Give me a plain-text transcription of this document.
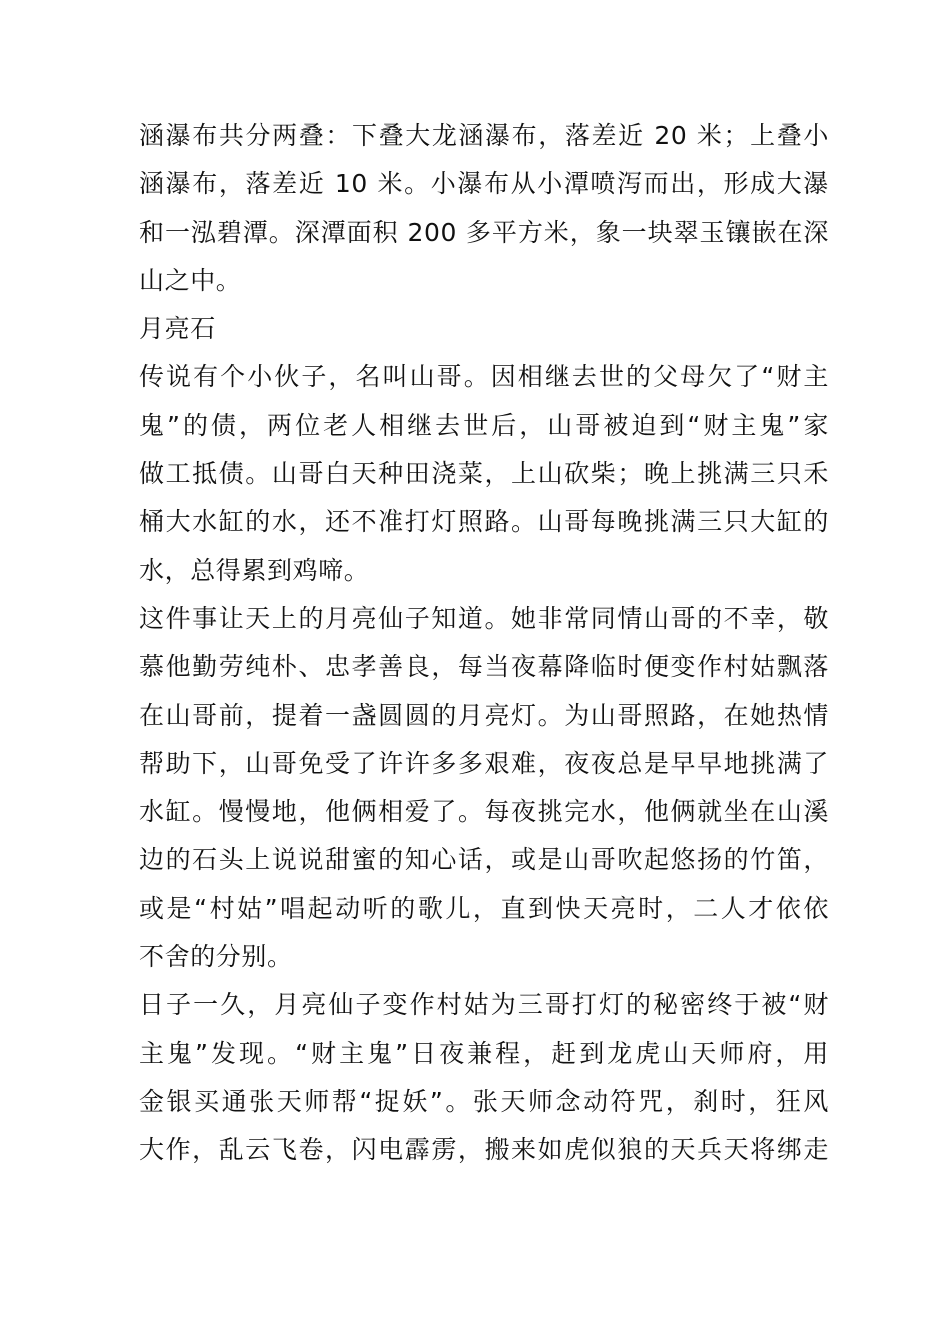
涵瀑布共分两叠：下叠大龙涵瀑布，落差近 20 米；上叠小
涵瀑布，落差近 10 米。小瀑布从小潭喷泻而出，形成大瀑
和一泓碧潭。深潭面积 200 多平方米，象一块翠玉镶嵌在深
山之中。
月亮石
传说有个小伙子，名叫山哥。因相继去世的父母欠了“财主
鬼”的债，两位老人相继去世后，山哥被迫到“财主鬼”家
做工抵债。山哥白天种田浇菜，上山砍柴；晚上挑满三只禾
桶大水缸的水，还不准打灯照路。山哥每晚挑满三只大缸的
水，总得累到鸡啼。
这件事让天上的月亮仙子知道。她非常同情山哥的不幸，敬
慕他勤劳纯朴、忠孝善良，每当夜幕降临时便变作村姑飘落
在山哥前，提着一盏圆圆的月亮灯。为山哥照路，在她热情
帮助下，山哥免受了许许多多艰难，夜夜总是早早地挑满了
水缸。慢慢地，他俩相爱了。每夜挑完水，他俩就坐在山溪
边的石头上说说甜蜜的知心话，或是山哥吹起悠扬的竹笛，
或是“村姑”唱起动听的歌儿，直到快天亮时，二人才依依
不舍的分别。
日子一久，月亮仙子变作村姑为三哥打灯的秘密终于被“财
主鬼”发现。“财主鬼”日夜兼程，赶到龙虎山天师府，用
金银买通张天师帮“捉妖”。张天师念动符咒，刹时，狂风
大作，乱云飞卷，闪电霹雳，搬来如虎似狼的天兵天将绑走
